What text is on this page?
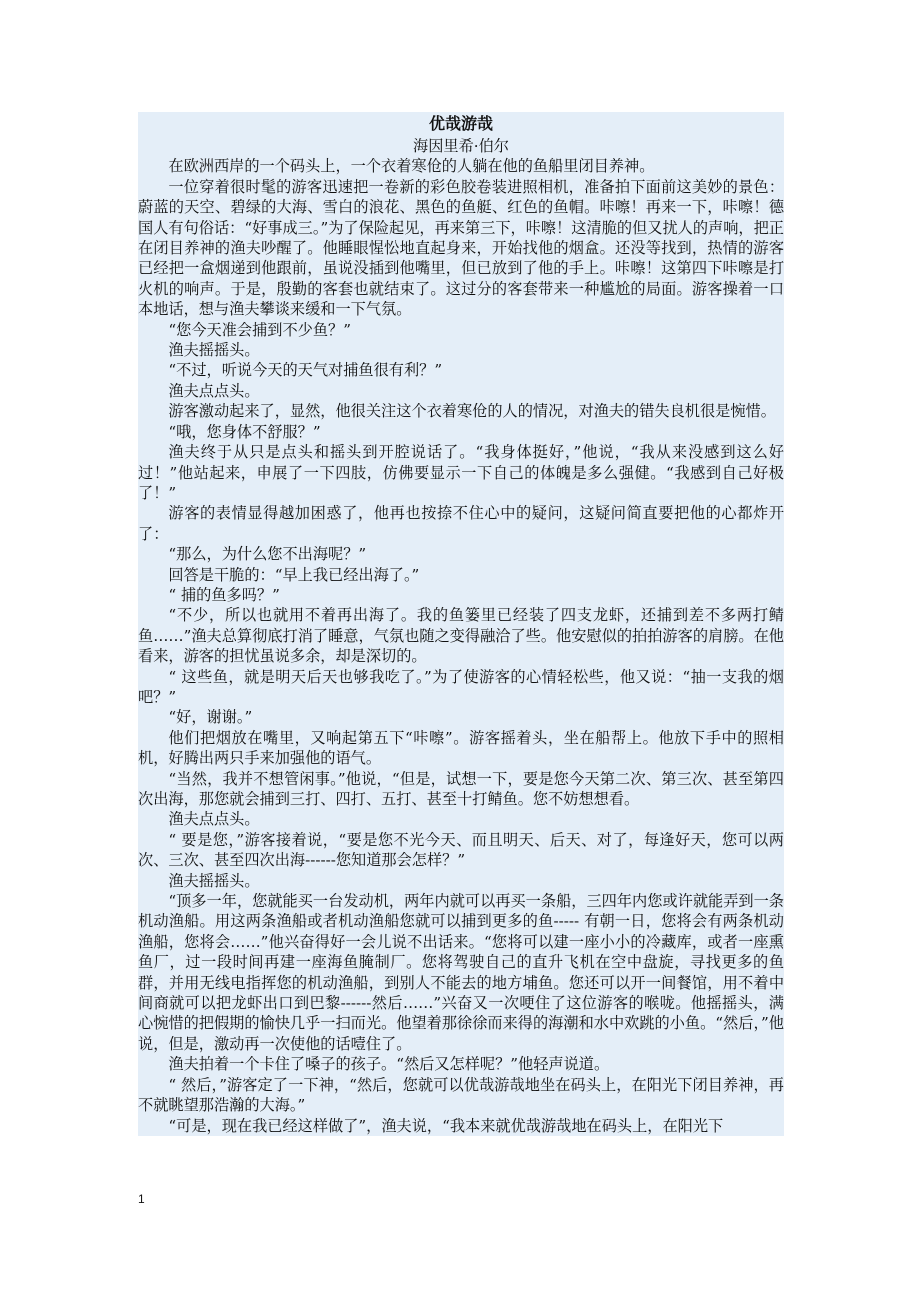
优哉游哉

海因里希·伯尔

在欧洲西岸的一个码头上，一个衣着寒伧的人躺在他的鱼船里闭目养神。

一位穿着很时髦的游客迅速把一卷新的彩色胶卷装进照相机，准备拍下面前这美妙的景色：蔚蓝的天空、碧绿的大海、雪白的浪花、黑色的鱼艇、红色的鱼帽。咔嚓！再来一下，咔嚓！德国人有句俗话：“好事成三。”为了保险起见，再来第三下，咔嚓！这清脆的但又扰人的声响，把正在闭目养神的渔夫吵醒了。他睡眼惺忪地直起身来，开始找他的烟盒。还没等找到，热情的游客已经把一盒烟递到他跟前，虽说没插到他嘴里，但已放到了他的手上。咔嚓！这第四下咔嚓是打火机的响声。于是，殷勤的客套也就结束了。这过分的客套带来一种尴尬的局面。游客操着一口本地话，想与渔夫攀谈来缓和一下气氛。

“您今天准会捕到不少鱼？”

渔夫摇摇头。

“不过，听说今天的天气对捕鱼很有利？”

渔夫点点头。

游客激动起来了，显然，他很关注这个衣着寒伧的人的情况，对渔夫的错失良机很是惋惜。

“哦，您身体不舒服？”

渔夫终于从只是点头和摇头到开腔说话了。“我身体挺好，”他说，“我从来没感到这么好过！”他站起来，申展了一下四肢，仿佛要显示一下自己的体魄是多么强健。“我感到自己好极了！”

游客的表情显得越加困惑了，他再也按捺不住心中的疑问，这疑问简直要把他的心都炸开了：

“那么，为什么您不出海呢？”

回答是干脆的：“早上我已经出海了。”

“ 捕的鱼多吗？”

“不少，所以也就用不着再出海了。我的鱼篓里已经装了四支龙虾，还捕到差不多两打鲭鱼……”渔夫总算彻底打消了睡意，气氛也随之变得融洽了些。他安慰似的拍拍游客的肩膀。在他看来，游客的担忧虽说多余，却是深切的。

“ 这些鱼，就是明天后天也够我吃了。”为了使游客的心情轻松些，他又说：“抽一支我的烟吧？”

“好，谢谢。”

他们把烟放在嘴里，又响起第五下“咔嚓”。游客摇着头，坐在船帮上。他放下手中的照相机，好腾出两只手来加强他的语气。

“当然，我并不想管闲事。”他说，“但是，试想一下，要是您今天第二次、第三次、甚至第四次出海，那您就会捕到三打、四打、五打、甚至十打鲭鱼。您不妨想想看。

渔夫点点头。

“ 要是您，”游客接着说，“要是您不光今天、而且明天、后天、对了，每逢好天，您可以两次、三次、甚至四次出海------您知道那会怎样？”

渔夫摇摇头。

“顶多一年，您就能买一台发动机，两年内就可以再买一条船，三四年内您或许就能弄到一条机动渔船。用这两条渔船或者机动渔船您就可以捕到更多的鱼----- 有朝一日，您将会有两条机动渔船，您将会……”他兴奋得好一会儿说不出话来。“您将可以建一座小小的冷藏库，或者一座熏鱼厂，过一段时间再建一座海鱼腌制厂。您将驾驶自己的直升飞机在空中盘旋，寻找更多的鱼群，并用无线电指挥您的机动渔船，到别人不能去的地方埔鱼。您还可以开一间餐馆，用不着中间商就可以把龙虾出口到巴黎------然后……”兴奋又一次哽住了这位游客的喉咙。他摇摇头，满心惋惜的把假期的愉快几乎一扫而光。他望着那徐徐而来得的海潮和水中欢跳的小鱼。“然后，”他说，但是，激动再一次使他的话噎住了。

渔夫拍着一个卡住了嗓子的孩子。“然后又怎样呢？”他轻声说道。

“ 然后，”游客定了一下神，“然后，您就可以优哉游哉地坐在码头上，在阳光下闭目养神，再不就眺望那浩瀚的大海。”

“可是，现在我已经这样做了”，渔夫说，“我本来就优哉游哉地在码头上，在阳光下

1
